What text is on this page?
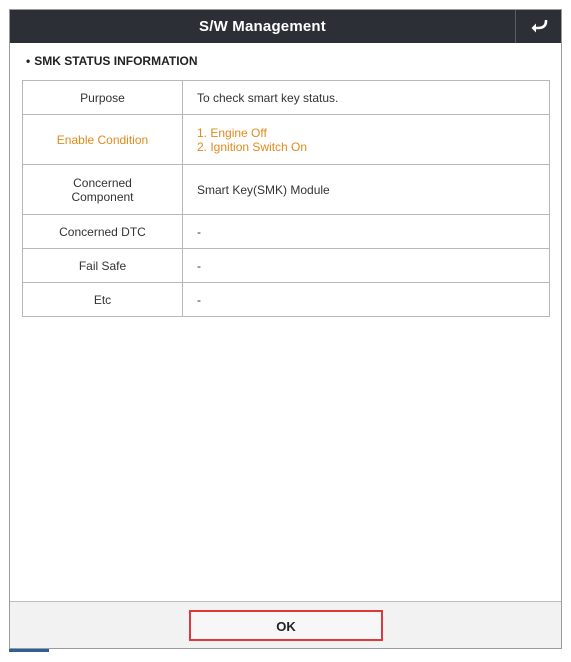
S/W Management
• SMK STATUS INFORMATION
Purpose	To check smart key status.
Enable Condition	1. Engine Off
2. Ignition Switch On

Concerned
Component	Smart Key(SMK) Module
Concerned DTC	-
Fail Safe	-
Etc	-
OK
